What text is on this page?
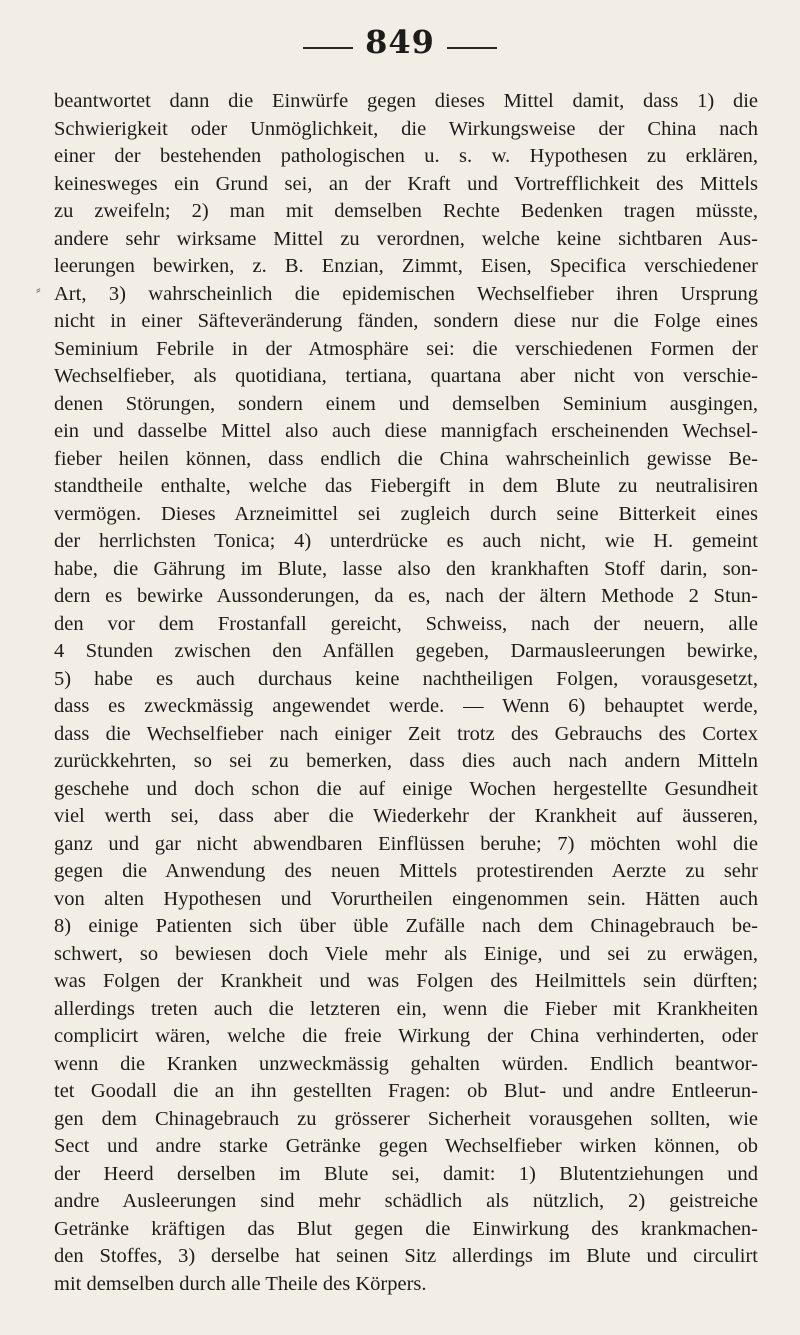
849
⸗
beantwortet dann die Einwürfe gegen dieses Mittel damit, dass 1) die
Schwierigkeit oder Unmöglichkeit, die Wirkungsweise der China nach
einer der bestehenden pathologischen u. s. w. Hypothesen zu erklären,
keinesweges ein Grund sei, an der Kraft und Vortrefflichkeit des Mittels
zu zweifeln; 2) man mit demselben Rechte Bedenken tragen müsste,
andere sehr wirksame Mittel zu verordnen, welche keine sichtbaren Aus-
leerungen bewirken, z. B. Enzian, Zimmt, Eisen, Specifica verschiedener
Art, 3) wahrscheinlich die epidemischen Wechselfieber ihren Ursprung
nicht in einer Säfteveränderung fänden, sondern diese nur die Folge eines
Seminium Febrile in der Atmosphäre sei: die verschiedenen Formen der
Wechselfieber, als quotidiana, tertiana, quartana aber nicht von verschie-
denen Störungen, sondern einem und demselben Seminium ausgingen,
ein und dasselbe Mittel also auch diese mannigfach erscheinenden Wechsel-
fieber heilen können, dass endlich die China wahrscheinlich gewisse Be-
standtheile enthalte, welche das Fiebergift in dem Blute zu neutralisiren
vermögen. Dieses Arzneimittel sei zugleich durch seine Bitterkeit eines
der herrlichsten Tonica; 4) unterdrücke es auch nicht, wie H. gemeint
habe, die Gährung im Blute, lasse also den krankhaften Stoff darin, son-
dern es bewirke Aussonderungen, da es, nach der ältern Methode 2 Stun-
den vor dem Frostanfall gereicht, Schweiss, nach der neuern, alle
4 Stunden zwischen den Anfällen gegeben, Darmausleerungen bewirke,
5) habe es auch durchaus keine nachtheiligen Folgen, vorausgesetzt,
dass es zweckmässig angewendet werde. — Wenn 6) behauptet werde,
dass die Wechselfieber nach einiger Zeit trotz des Gebrauchs des Cortex
zurückkehrten, so sei zu bemerken, dass dies auch nach andern Mitteln
geschehe und doch schon die auf einige Wochen hergestellte Gesundheit
viel werth sei, dass aber die Wiederkehr der Krankheit auf äusseren,
ganz und gar nicht abwendbaren Einflüssen beruhe; 7) möchten wohl die
gegen die Anwendung des neuen Mittels protestirenden Aerzte zu sehr
von alten Hypothesen und Vorurtheilen eingenommen sein. Hätten auch
8) einige Patienten sich über üble Zufälle nach dem Chinagebrauch be-
schwert, so bewiesen doch Viele mehr als Einige, und sei zu erwägen,
was Folgen der Krankheit und was Folgen des Heilmittels sein dürften;
allerdings treten auch die letzteren ein, wenn die Fieber mit Krankheiten
complicirt wären, welche die freie Wirkung der China verhinderten, oder
wenn die Kranken unzweckmässig gehalten würden. Endlich beantwor-
tet Goodall die an ihn gestellten Fragen: ob Blut- und andre Entleerun-
gen dem Chinagebrauch zu grösserer Sicherheit vorausgehen sollten, wie
Sect und andre starke Getränke gegen Wechselfieber wirken können, ob
der Heerd derselben im Blute sei, damit: 1) Blutentziehungen und
andre Ausleerungen sind mehr schädlich als nützlich, 2) geistreiche
Getränke kräftigen das Blut gegen die Einwirkung des krankmachen-
den Stoffes, 3) derselbe hat seinen Sitz allerdings im Blute und circulirt
mit demselben durch alle Theile des Körpers.
